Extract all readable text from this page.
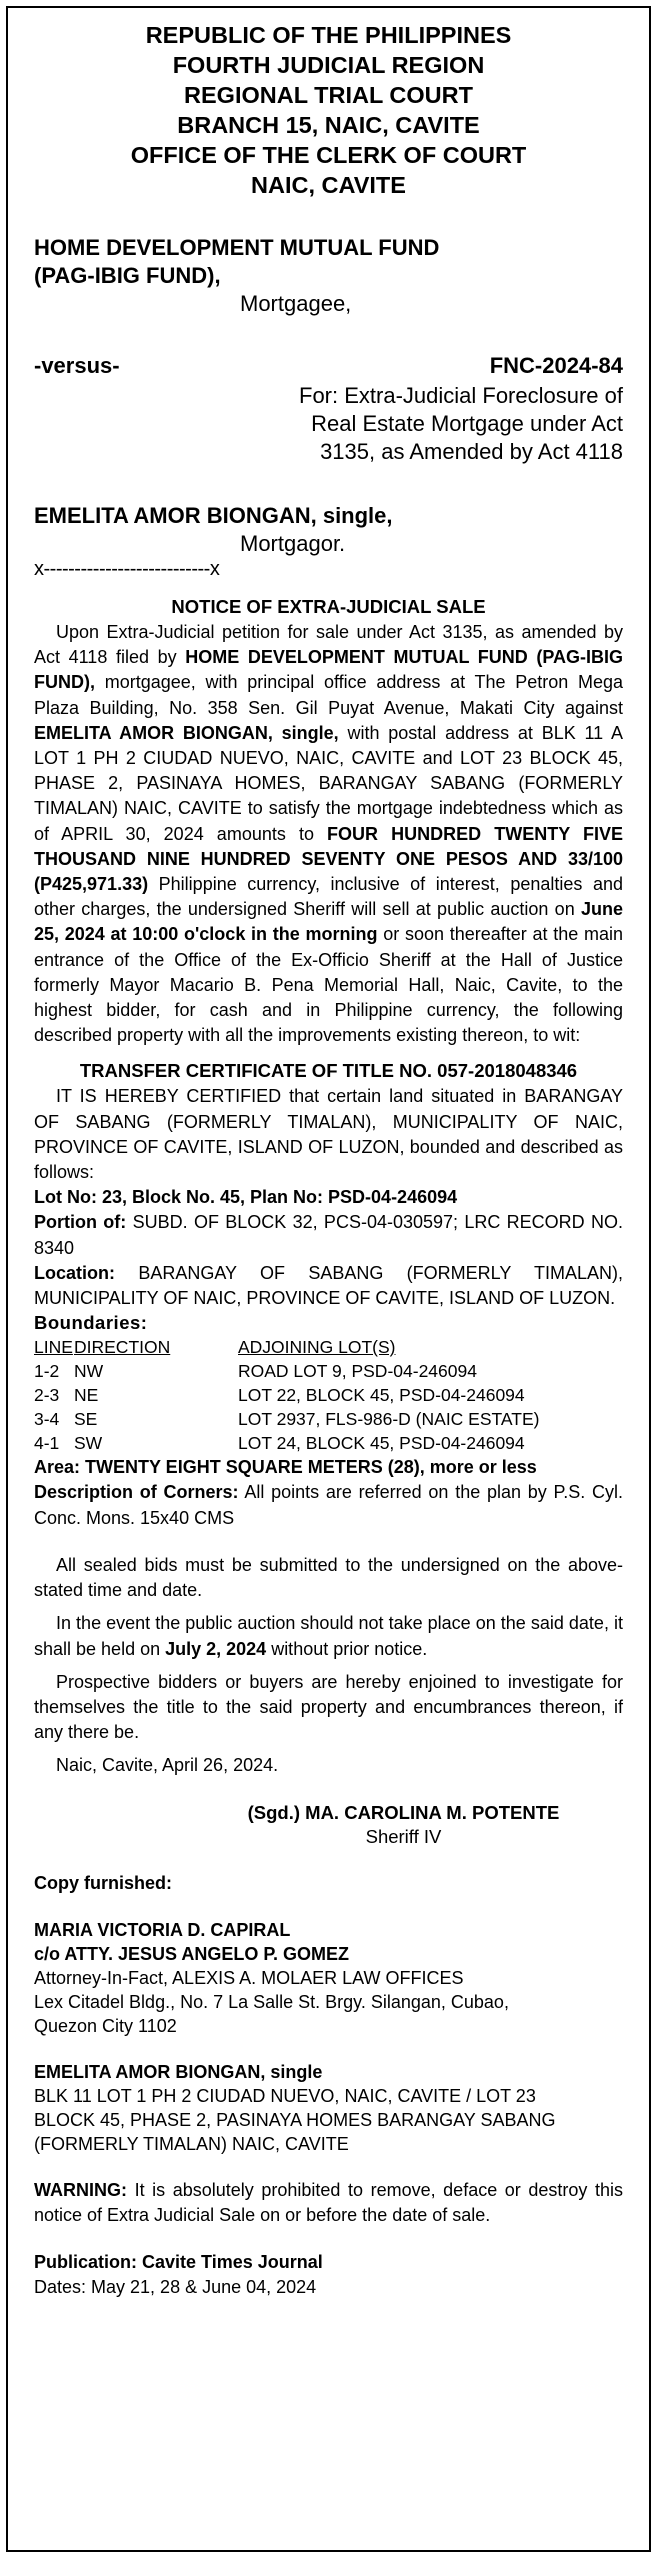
REPUBLIC OF THE PHILIPPINES
FOURTH JUDICIAL REGION
REGIONAL TRIAL COURT
BRANCH 15, NAIC, CAVITE
OFFICE OF THE CLERK OF COURT
NAIC, CAVITE
HOME DEVELOPMENT MUTUAL FUND
(PAG-IBIG FUND),
Mortgagee,
-versus-	FNC-2024-84
For: Extra-Judicial Foreclosure of
Real Estate Mortgage under Act
3135, as Amended by Act 4118
EMELITA AMOR BIONGAN, single,
Mortgagor.
x---------------------------x
NOTICE OF EXTRA-JUDICIAL SALE
Upon Extra-Judicial petition for sale under Act 3135, as amended by Act 4118 filed by HOME DEVELOPMENT MUTUAL FUND (PAG-IBIG FUND), mortgagee, with principal office address at The Petron Mega Plaza Building, No. 358 Sen. Gil Puyat Avenue, Makati City against EMELITA AMOR BIONGAN, single, with postal address at BLK 11 A LOT 1 PH 2 CIUDAD NUEVO, NAIC, CAVITE and LOT 23 BLOCK 45, PHASE 2, PASINAYA HOMES, BARANGAY SABANG (FORMERLY TIMALAN) NAIC, CAVITE to satisfy the mortgage indebtedness which as of APRIL 30, 2024 amounts to FOUR HUNDRED TWENTY FIVE THOUSAND NINE HUNDRED SEVENTY ONE PESOS AND 33/100 (P425,971.33) Philippine currency, inclusive of interest, penalties and other charges, the undersigned Sheriff will sell at public auction on June 25, 2024 at 10:00 o'clock in the morning or soon thereafter at the main entrance of the Office of the Ex-Officio Sheriff at the Hall of Justice formerly Mayor Macario B. Pena Memorial Hall, Naic, Cavite, to the highest bidder, for cash and in Philippine currency, the following described property with all the improvements existing thereon, to wit:
TRANSFER CERTIFICATE OF TITLE NO. 057-2018048346
IT IS HEREBY CERTIFIED that certain land situated in BARANGAY OF SABANG (FORMERLY TIMALAN), MUNICIPALITY OF NAIC, PROVINCE OF CAVITE, ISLAND OF LUZON, bounded and described as follows:
Lot No: 23, Block No. 45, Plan No: PSD-04-246094
Portion of: SUBD. OF BLOCK 32, PCS-04-030597; LRC RECORD NO. 8340
Location: BARANGAY OF SABANG (FORMERLY TIMALAN), MUNICIPALITY OF NAIC, PROVINCE OF CAVITE, ISLAND OF LUZON.
Boundaries:
LINE	DIRECTION	ADJOINING LOT(S)
1-2	NW	ROAD LOT 9, PSD-04-246094
2-3	NE	LOT 22, BLOCK 45, PSD-04-246094
3-4	SE	LOT 2937, FLS-986-D (NAIC ESTATE)
4-1	SW	LOT 24, BLOCK 45, PSD-04-246094
Area: TWENTY EIGHT SQUARE METERS (28), more or less
Description of Corners: All points are referred on the plan by P.S. Cyl. Conc. Mons. 15x40 CMS
All sealed bids must be submitted to the undersigned on the above-stated time and date.
In the event the public auction should not take place on the said date, it shall be held on July 2, 2024 without prior notice.
Prospective bidders or buyers are hereby enjoined to investigate for themselves the title to the said property and encumbrances thereon, if any there be.
Naic, Cavite, April 26, 2024.
(Sgd.) MA. CAROLINA M. POTENTE
Sheriff IV
Copy furnished:
MARIA VICTORIA D. CAPIRAL
c/o ATTY. JESUS ANGELO P. GOMEZ
Attorney-In-Fact, ALEXIS A. MOLAER LAW OFFICES
Lex Citadel Bldg., No. 7 La Salle St. Brgy. Silangan, Cubao,
Quezon City 1102
EMELITA AMOR BIONGAN, single
BLK 11 LOT 1 PH 2 CIUDAD NUEVO, NAIC, CAVITE / LOT 23
BLOCK 45, PHASE 2, PASINAYA HOMES BARANGAY SABANG
(FORMERLY TIMALAN) NAIC, CAVITE
WARNING: It is absolutely prohibited to remove, deface or destroy this notice of Extra Judicial Sale on or before the date of sale.
Publication: Cavite Times Journal
Dates: May 21, 28 & June 04, 2024
